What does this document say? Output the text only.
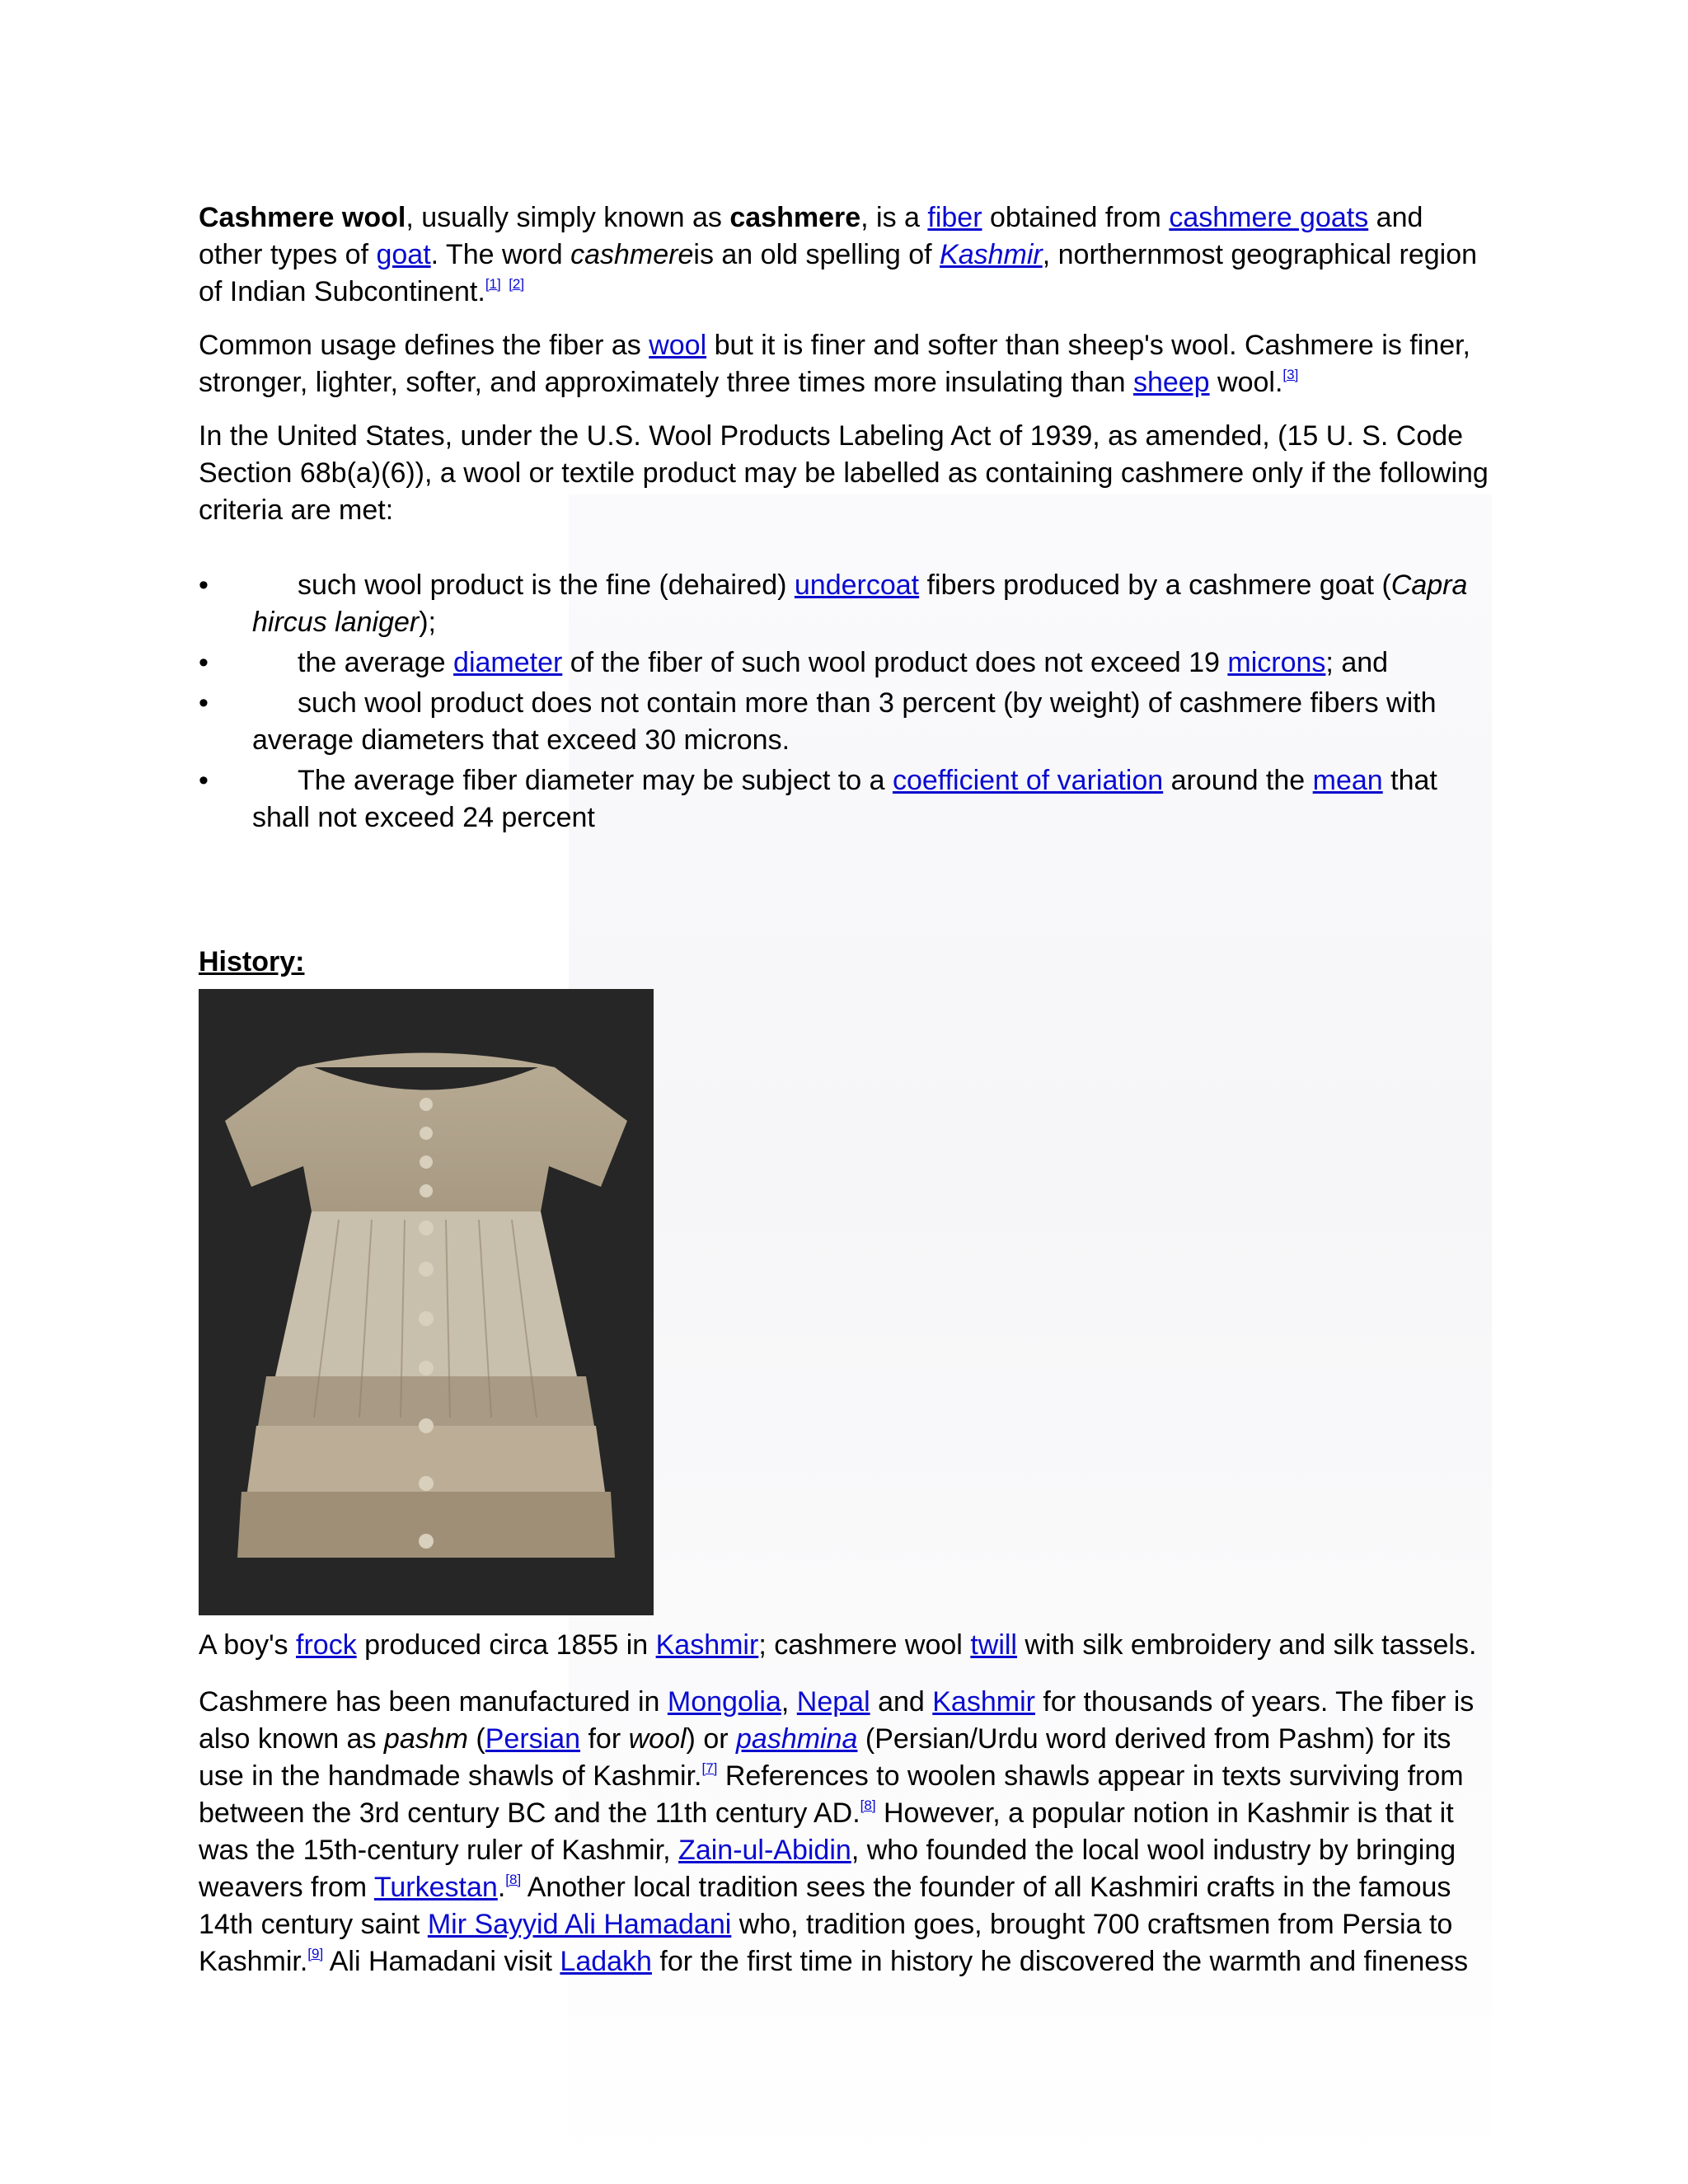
Cashmere wool, usually simply known as cashmere, is a fiber obtained from cashmere goats and other types of goat. The word cashmereis an old spelling of Kashmir, northernmost geographical region of Indian Subcontinent.[1] [2]

Common usage defines the fiber as wool but it is finer and softer than sheep's wool. Cashmere is finer, stronger, lighter, softer, and approximately three times more insulating than sheep wool.[3]

In the United States, under the U.S. Wool Products Labeling Act of 1939, as amended, (15 U. S. Code Section 68b(a)(6)), a wool or textile product may be labelled as containing cashmere only if the following criteria are met:

•	such wool product is the fine (dehaired) undercoat fibers produced by a cashmere goat (Capra hircus laniger);
•	the average diameter of the fiber of such wool product does not exceed 19 microns; and
•	such wool product does not contain more than 3 percent (by weight) of cashmere fibers with average diameters that exceed 30 microns.
•	The average fiber diameter may be subject to a coefficient of variation around the mean that shall not exceed 24 percent
History:
A boy's frock produced circa 1855 in Kashmir; cashmere wool twill with silk embroidery and silk tassels.

Cashmere has been manufactured in Mongolia, Nepal and Kashmir for thousands of years. The fiber is also known as pashm (Persian for wool) or pashmina (Persian/Urdu word derived from Pashm) for its use in the handmade shawls of Kashmir.[7] References to woolen shawls appear in texts surviving from between the 3rd century BC and the 11th century AD.[8] However, a popular notion in Kashmir is that it was the 15th-century ruler of Kashmir, Zain-ul-Abidin, who founded the local wool industry by bringing weavers from Turkestan.[8] Another local tradition sees the founder of all Kashmiri crafts in the famous 14th century saint Mir Sayyid Ali Hamadani who, tradition goes, brought 700 craftsmen from Persia to Kashmir.[9] Ali Hamadani visit Ladakh for the first time in history he discovered the warmth and fineness
